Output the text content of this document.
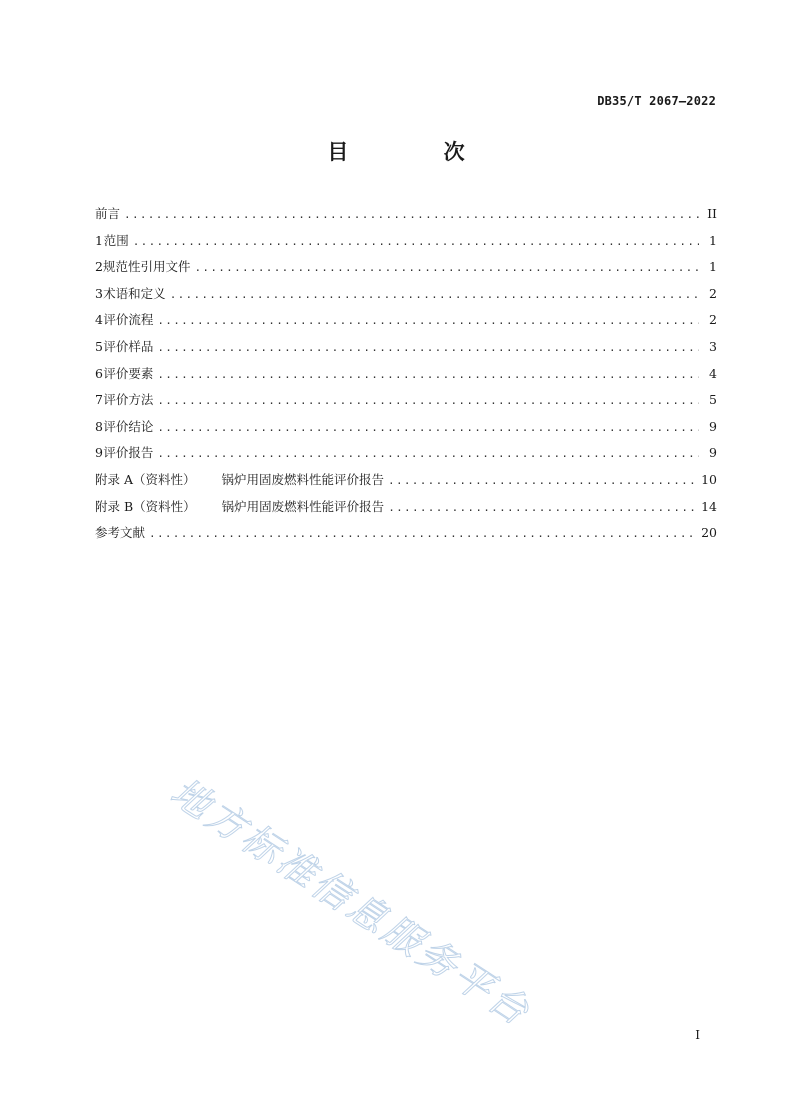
DB35/T 2067—2022
目 次
前言 .....	II
1 范围 .....	1
2 规范性引用文件 .....	1
3 术语和定义 .....	2
4 评价流程 .....	2
5 评价样品 .....	3
6 评价要素 .....	4
7 评价方法 .....	5
8 评价结论 .....	9
9 评价报告 .....	9
附录 A（资料性） 锅炉用固废燃料性能评价报告 .....	10
附录 B（资料性） 锅炉用固废燃料性能评价报告 .....	14
参考文献 .....	20
地方标准信息服务平台	I
